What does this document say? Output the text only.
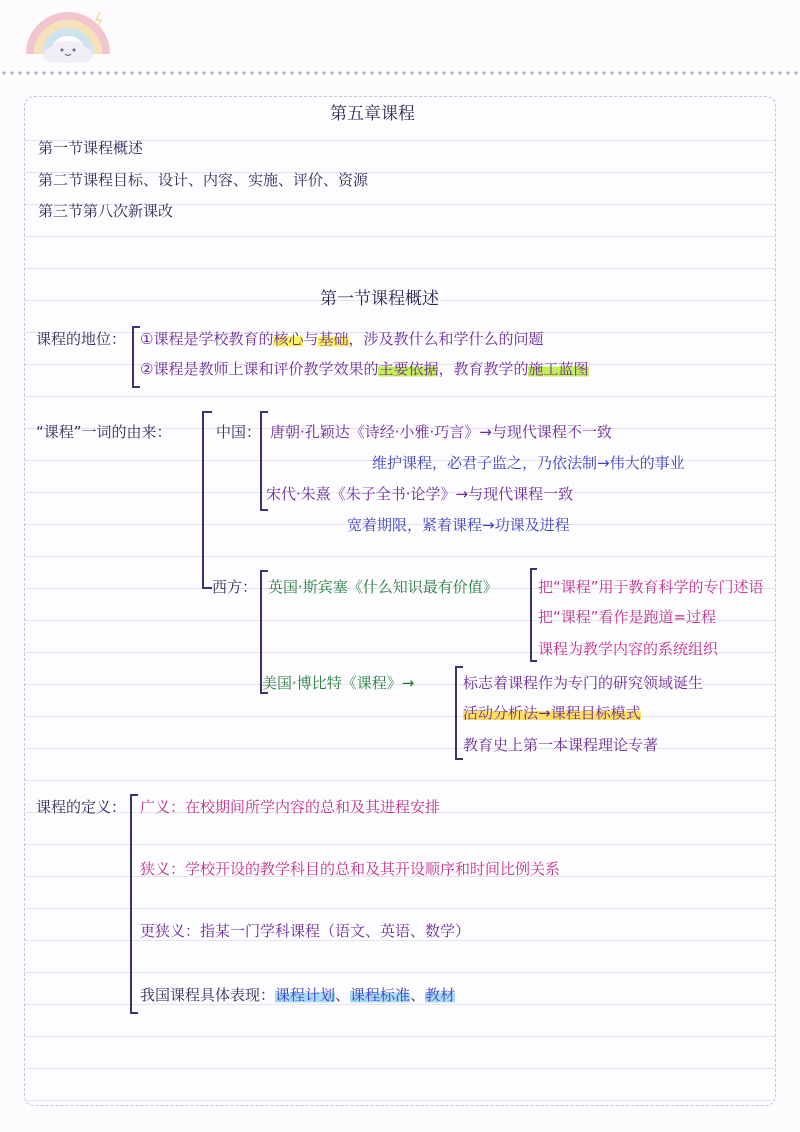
第五章课程
第一节课程概述
第二节课程目标、设计、内容、实施、评价、资源
第三节第八次新课改
第一节课程概述
课程的地位： ①课程是学校教育的核心与基础，涉及教什么和学什么的问题
②课程是教师上课和评价教学效果的主要依据，教育教学的施工蓝图
“课程”一词的由来：	中国： 唐朝·孔颖达《诗经·小雅·巧言》→与现代课程不一致
维护课程，必君子监之，乃依法制→伟大的事业
宋代·朱熹《朱子全书·论学》→与现代课程一致
宽着期限，紧着课程→功课及进程
西方： 英国·斯宾塞《什么知识最有价值》	把“课程”用于教育科学的专门述语
把“课程”看作是跑道=过程
课程为教学内容的系统组织
美国·博比特《课程》→	标志着课程作为专门的研究领域诞生
活动分析法→课程目标模式
教育史上第一本课程理论专著
课程的定义： 广义：在校期间所学内容的总和及其进程安排
狭义：学校开设的教学科目的总和及其开设顺序和时间比例关系
更狭义：指某一门学科课程（语文、英语、数学）
我国课程具体表现：课程计划、课程标准、教材
